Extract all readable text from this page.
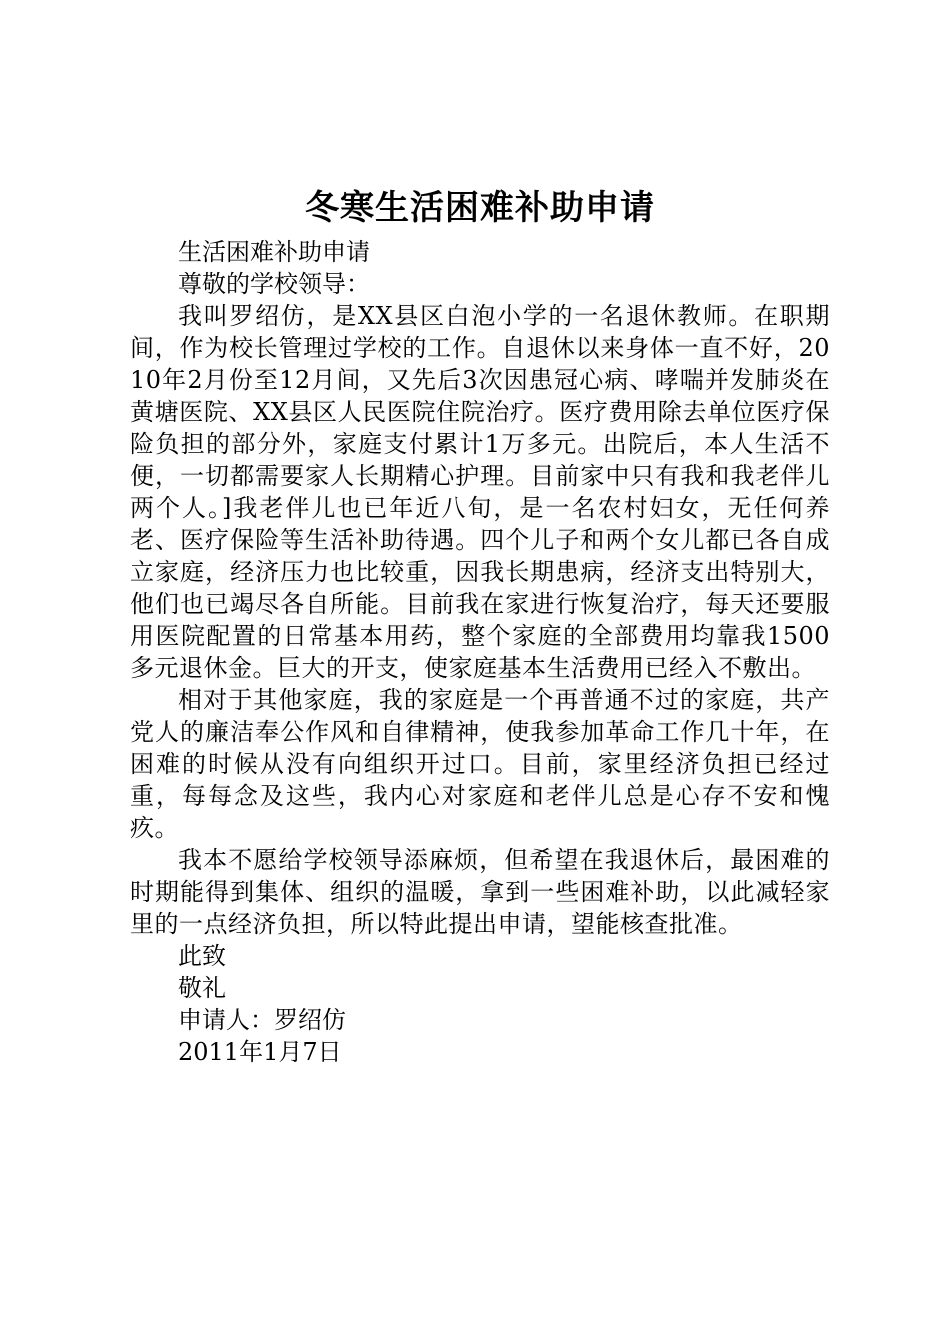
冬寒生活困难补助申请

生活困难补助申请

尊敬的学校领导：

我叫罗绍仿，是XX县区白泡小学的一名退休教师。在职期间，作为校长管理过学校的工作。自退休以来身体一直不好，2010年2月份至12月间，又先后3次因患冠心病、哮喘并发肺炎在黄塘医院、XX县区人民医院住院治疗。医疗费用除去单位医疗保险负担的部分外，家庭支付累计1万多元。出院后，本人生活不便，一切都需要家人长期精心护理。目前家中只有我和我老伴儿两个人。]我老伴儿也已年近八旬，是一名农村妇女，无任何养老、医疗保险等生活补助待遇。四个儿子和两个女儿都已各自成立家庭，经济压力也比较重，因我长期患病，经济支出特别大，他们也已竭尽各自所能。目前我在家进行恢复治疗，每天还要服用医院配置的日常基本用药，整个家庭的全部费用均靠我1500多元退休金。巨大的开支，使家庭基本生活费用已经入不敷出。

相对于其他家庭，我的家庭是一个再普通不过的家庭，共产党人的廉洁奉公作风和自律精神，使我参加革命工作几十年，在困难的时候从没有向组织开过口。目前，家里经济负担已经过重，每每念及这些，我内心对家庭和老伴儿总是心存不安和愧疚。

我本不愿给学校领导添麻烦，但希望在我退休后，最困难的时期能得到集体、组织的温暖，拿到一些困难补助，以此减轻家里的一点经济负担，所以特此提出申请，望能核查批准。

此致

敬礼

申请人：罗绍仿

2011年1月7日
